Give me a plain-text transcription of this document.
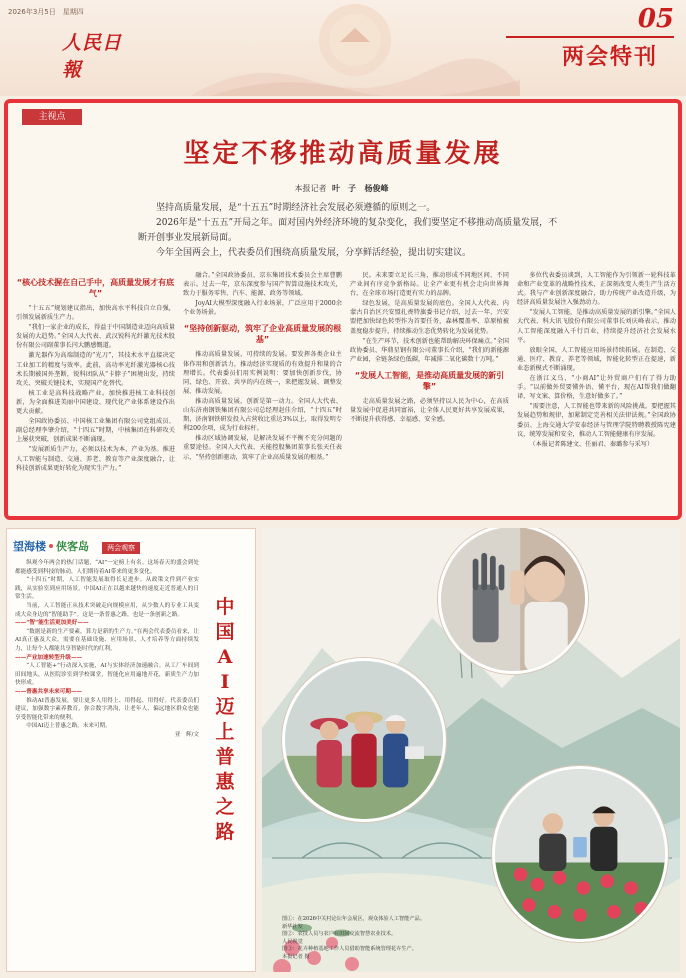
2026年3月5日　星期四
人民日報
05
两会特刊
主视点
坚定不移推动高质量发展
本报记者 叶　子 杨俊峰

坚持高质量发展，是“十五五”时期经济社会发展必须遵循的原则之一。

2026年是“十五五”开局之年。面对国内外经济环境的复杂变化，我们要坚定不移推动高质量发展，不断开创事业发展新局面。

今年全国两会上，代表委员们围绕高质量发展，分享鲜活经验，提出切实建议。

“核心技术握在自己手中，高质量发展才有底气”

“十五五”规划建议指出，加快高水平科技自立自强，引领发展新质生产力。

“我们一家企业的成长，得益于中国制造业迈向高质量发展的大趋势。”全国人大代表、武汉锐科光纤激光技术股份有限公司副董事长闫大鹏感慨道。

激光器作为高端制造的“光刀”，其技术水平直接决定工业加工的精度与效率。此前，高功率光纤激光器核心技术长期被国外垄断，锐科团队从“卡脖子”困境出发，持续攻关、突破关键技术，实现国产化替代。

核工业是高科技战略产业。加快推进核工业科技创新，为全面推进美丽中国建设、现代化产业体系建设作出更大贡献。

全国政协委员、中国核工业集团有限公司党组成员、副总经理李肇介绍，“十四五”时期，中核集团在科研攻关上屡获突破，创新成果不断涌现。

“发展新质生产力，必须以技术为本、产业为基。推进人工智能与制造、交通、养老、教育等产业深度融合，让科技创新成果更好转化为现实生产力。”

融合。”全国政协委员、京东集团技术委员会主席曹鹏表示。过去一年，京东深度参与国产智算设施技术攻关，致力于服务零售、汽车、能源、政务等领域。

JoyAI大模型深度融入行业场景，广泛应用于2000余个业务场景。

“坚持创新驱动，筑牢了企业高质量发展的根基”

推动高质量发展，可持续的发展。要发挥各类企业主体作用和创新活力，推动经济实现质的有效提升和量的合理增长。代表委员们用实例说明：要加快创新步伐，协同、绿色、开放、共享的内在统一，来把握发展、调整发展、推动发展。

推动高质量发展，创新是第一动力。全国人大代表、山东济南钢铁集团有限公司总经理赵佳介绍，“十四五”时期，济南钢铁研发投入占营收比重达3%以上，取得发明专利200余项，成为行业标杆。

推动区域协调发展，是解决发展不平衡不充分问题的重要途径。全国人大代表、天能控股集团董事长张天任表示，“坚持创新驱动，筑牢了企业高质量发展的根基。”

民。未来要立足长三角，推动形成不同地区间、不同产业间有序竞争新格局。让全产业更有机会走向世界舞台，在全球市场打造更有实力的品牌。

绿色发展，是高质量发展的底色。全国人大代表、内蒙古自治区兴安盟扎赉特旗委书记介绍，过去一年，兴安盟把加快绿色转型作为首要任务，森林覆盖率、草原植被盖度稳步提升，持续推动生态优势转化为发展优势。

“在生产环节，技术创新也能帮助解决环保痛点。”全国政协委员、华鼎星钢有限公司董事长介绍，“我们的新能源产业园，全链条绿色低碳，年减排二氧化碳数十万吨。”

“发展人工智能，是推动高质量发展的新引擎”

走高质量发展之路，必须坚持以人民为中心，在高质量发展中促进共同富裕，让全体人民更好共享发展成果，不断提升获得感、幸福感、安全感。

多位代表委员谈到，人工智能作为引领新一轮科技革命和产业变革的战略性技术，正深刻改变人类生产生活方式。我与产业创新深度融合，助力传统产业改造升级，为经济高质量发展注入强劲动力。

“发展人工智能，是推动高质量发展的新引擎。”全国人大代表、科大讯飞股份有限公司董事长刘庆峰表示，推动人工智能深度融入千行百业，持续提升经济社会发展水平。

放眼全国，人工智能应用场景持续拓展。在制造、交通、医疗、教育、养老等领域，智能化转型正在提速，新业态新模式不断涌现。

在浙江义乌，“小商AI”让外贸商户们有了得力助手。“以前做外贸要懂外语、懂平台，现在AI帮我们做翻译、写文案、算价格，生意好做多了。”

“需要注意，人工智能也带来新的风险挑战。要把握其发展趋势和规律，加紧制定完善相关法律法规。”全国政协委员、上海交通大学安泰经济与管理学院特聘教授陈宪建议，统筹发展和安全，推动人工智能健康有序发展。

（本报记者陈建文、任丽君、秦璐参与采写）

望海楼 侠客岛	两会观察

纵观今年两会的热门话题，“AI”一定榜上有名。这场春天的盛会到处都能感受到科技的脉动，人们期待着AI带来的更多变化。

“十四五”时期，人工智能发展取得长足进步。从政策文件到产业实践，从实验室到应用场景，中国AI正在以越来越快的速度走近普通人的日常生活。

当前，人工智能正从技术突破走向规模应用，从少数人的专业工具变成大众身边的“智能助手”。这是一条普惠之路，也是一条创新之路。

——“智”能生活更加美好——

“数据是新的生产要素，算力是新的生产力。”在两会代表委员看来，让AI真正惠及大众，需要在基础设施、应用场景、人才培养等方面持续发力，让每个人都能共享智能时代的红利。

——产业加速转型升级——

“人工智能+”行动深入实施，AI与实体经济加速融合。从工厂车间到田间地头，从医院诊室到学校课堂，智能化应用遍地开花，新质生产力加快形成。

——普惠共享未来可期——

推动AI普惠发展，要让更多人用得上、用得起、用得好。代表委员们建议，加强数字素养教育，弥合数字鸿沟，让老年人、偏远地区群众也能享受智能化带来的便利。

中国AI迈上普惠之路，未来可期。

亚　辉/文

中
国
A
I
迈
上
普
惠
之
路
图①：在2026中关村论坛年会展区，观众体验人工智能产品。
新华社发
图②：农技人员与农户在田间交流智慧农业技术。
人民视觉
图③：花卉种植基地工作人员借助智能系统管理花卉生产。
本报记者 摄
